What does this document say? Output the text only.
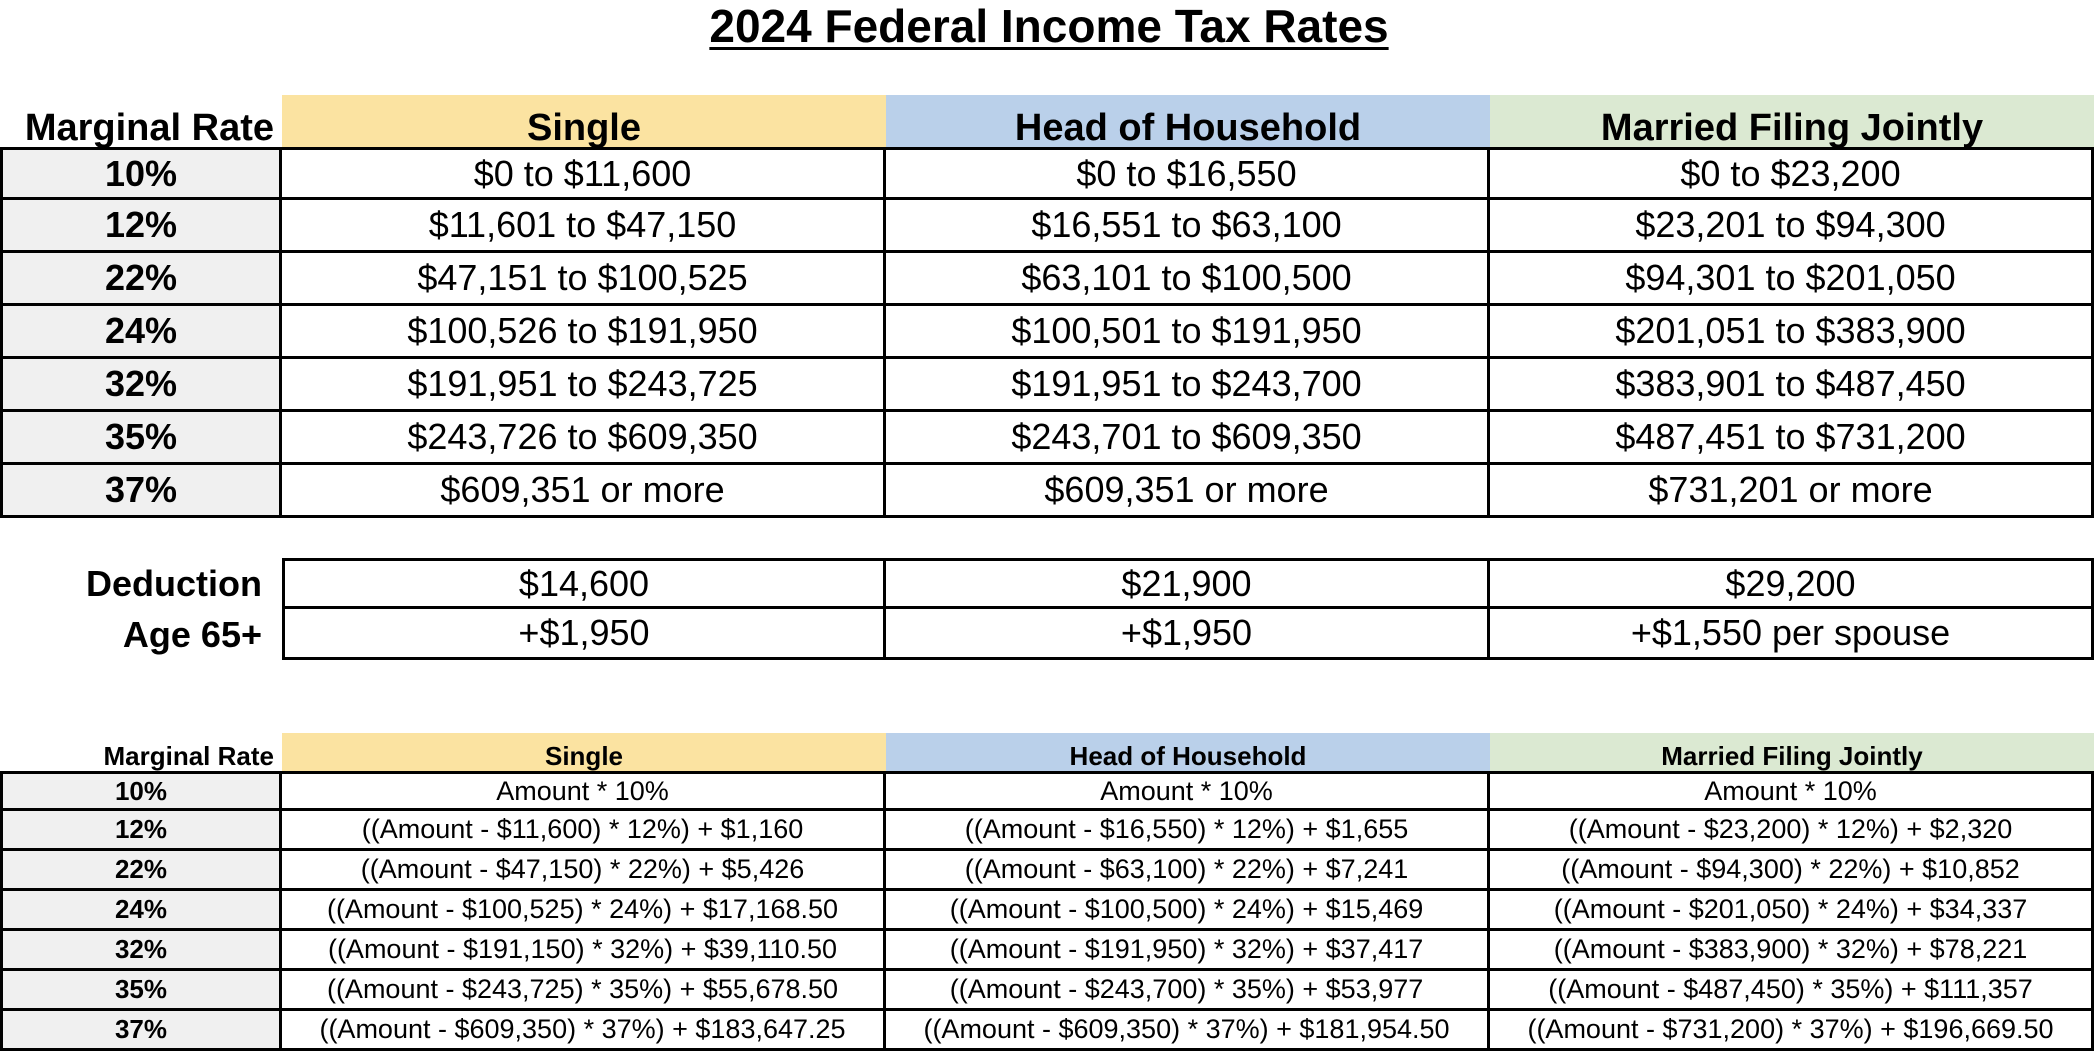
2024 Federal Income Tax Rates
Marginal Rate	Single	Head of Household	Married Filing Jointly
10%	$0 to $11,600	$0 to $16,550	$0 to $23,200
12%	$11,601 to $47,150	$16,551 to $63,100	$23,201 to $94,300
22%	$47,151 to $100,525	$63,101 to $100,500	$94,301 to $201,050
24%	$100,526 to $191,950	$100,501 to $191,950	$201,051 to $383,900
32%	$191,951 to $243,725	$191,951 to $243,700	$383,901 to $487,450
35%	$243,726 to $609,350	$243,701 to $609,350	$487,451 to $731,200
37%	$609,351 or more	$609,351 or more	$731,201 or more
Deduction	$14,600	$21,900	$29,200
Age 65+	+$1,950	+$1,950	+$1,550 per spouse
Marginal Rate	Single	Head of Household	Married Filing Jointly
10%	Amount * 10%	Amount * 10%	Amount * 10%
12%	((Amount - $11,600) * 12%) + $1,160	((Amount - $16,550) * 12%) + $1,655	((Amount - $23,200) * 12%) + $2,320
22%	((Amount - $47,150) * 22%) + $5,426	((Amount - $63,100) * 22%) + $7,241	((Amount - $94,300) * 22%) + $10,852
24%	((Amount - $100,525) * 24%) + $17,168.50	((Amount - $100,500) * 24%) + $15,469	((Amount - $201,050) * 24%) + $34,337
32%	((Amount - $191,150) * 32%) + $39,110.50	((Amount - $191,950) * 32%) + $37,417	((Amount - $383,900) * 32%) + $78,221
35%	((Amount - $243,725) * 35%) + $55,678.50	((Amount - $243,700) * 35%) + $53,977	((Amount - $487,450) * 35%) + $111,357
37%	((Amount - $609,350) * 37%) + $183,647.25	((Amount - $609,350) * 37%) + $181,954.50	((Amount - $731,200) * 37%) + $196,669.50
